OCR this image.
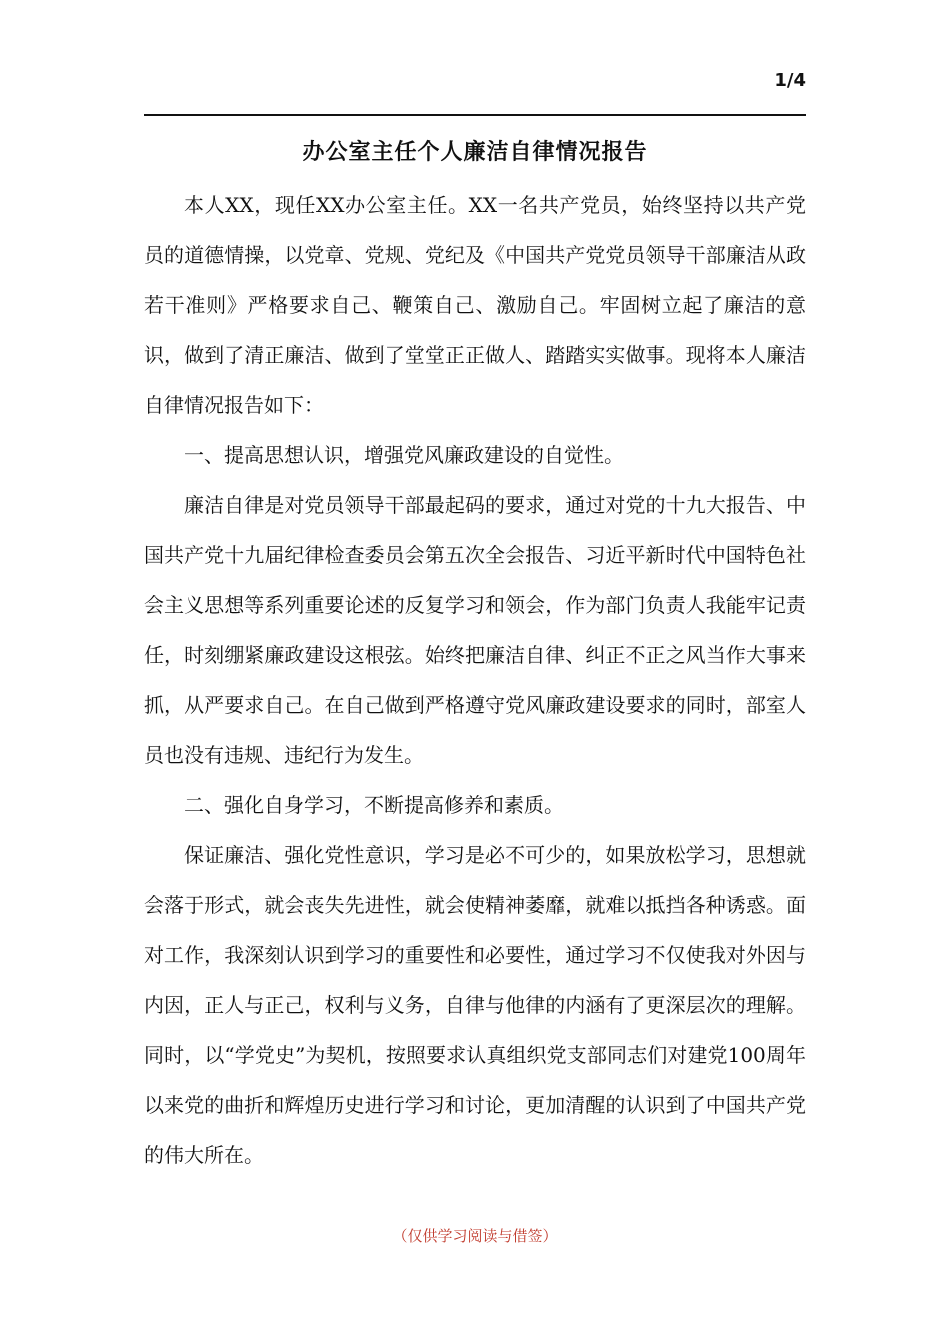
1/4
办公室主任个人廉洁自律情况报告

本人XX，现任XX办公室主任。XX一名共产党员，始终坚持以共产党员的道德情操，以党章、党规、党纪及《中国共产党党员领导干部廉洁从政若干准则》严格要求自己、鞭策自己、激励自己。牢固树立起了廉洁的意识，做到了清正廉洁、做到了堂堂正正做人、踏踏实实做事。现将本人廉洁自律情况报告如下：

一、提高思想认识，增强党风廉政建设的自觉性。

廉洁自律是对党员领导干部最起码的要求，通过对党的十九大报告、中国共产党十九届纪律检查委员会第五次全会报告、习近平新时代中国特色社会主义思想等系列重要论述的反复学习和领会，作为部门负责人我能牢记责任，时刻绷紧廉政建设这根弦。始终把廉洁自律、纠正不正之风当作大事来抓，从严要求自己。在自己做到严格遵守党风廉政建设要求的同时，部室人员也没有违规、违纪行为发生。

二、强化自身学习，不断提高修养和素质。

保证廉洁、强化党性意识，学习是必不可少的，如果放松学习，思想就会落于形式，就会丧失先进性，就会使精神萎靡，就难以抵挡各种诱惑。面对工作，我深刻认识到学习的重要性和必要性，通过学习不仅使我对外因与内因，正人与正己，权利与义务，自律与他律的内涵有了更深层次的理解。同时，以“学党史”为契机，按照要求认真组织党支部同志们对建党100周年以来党的曲折和辉煌历史进行学习和讨论，更加清醒的认识到了中国共产党的伟大所在。

（仅供学习阅读与借签）
